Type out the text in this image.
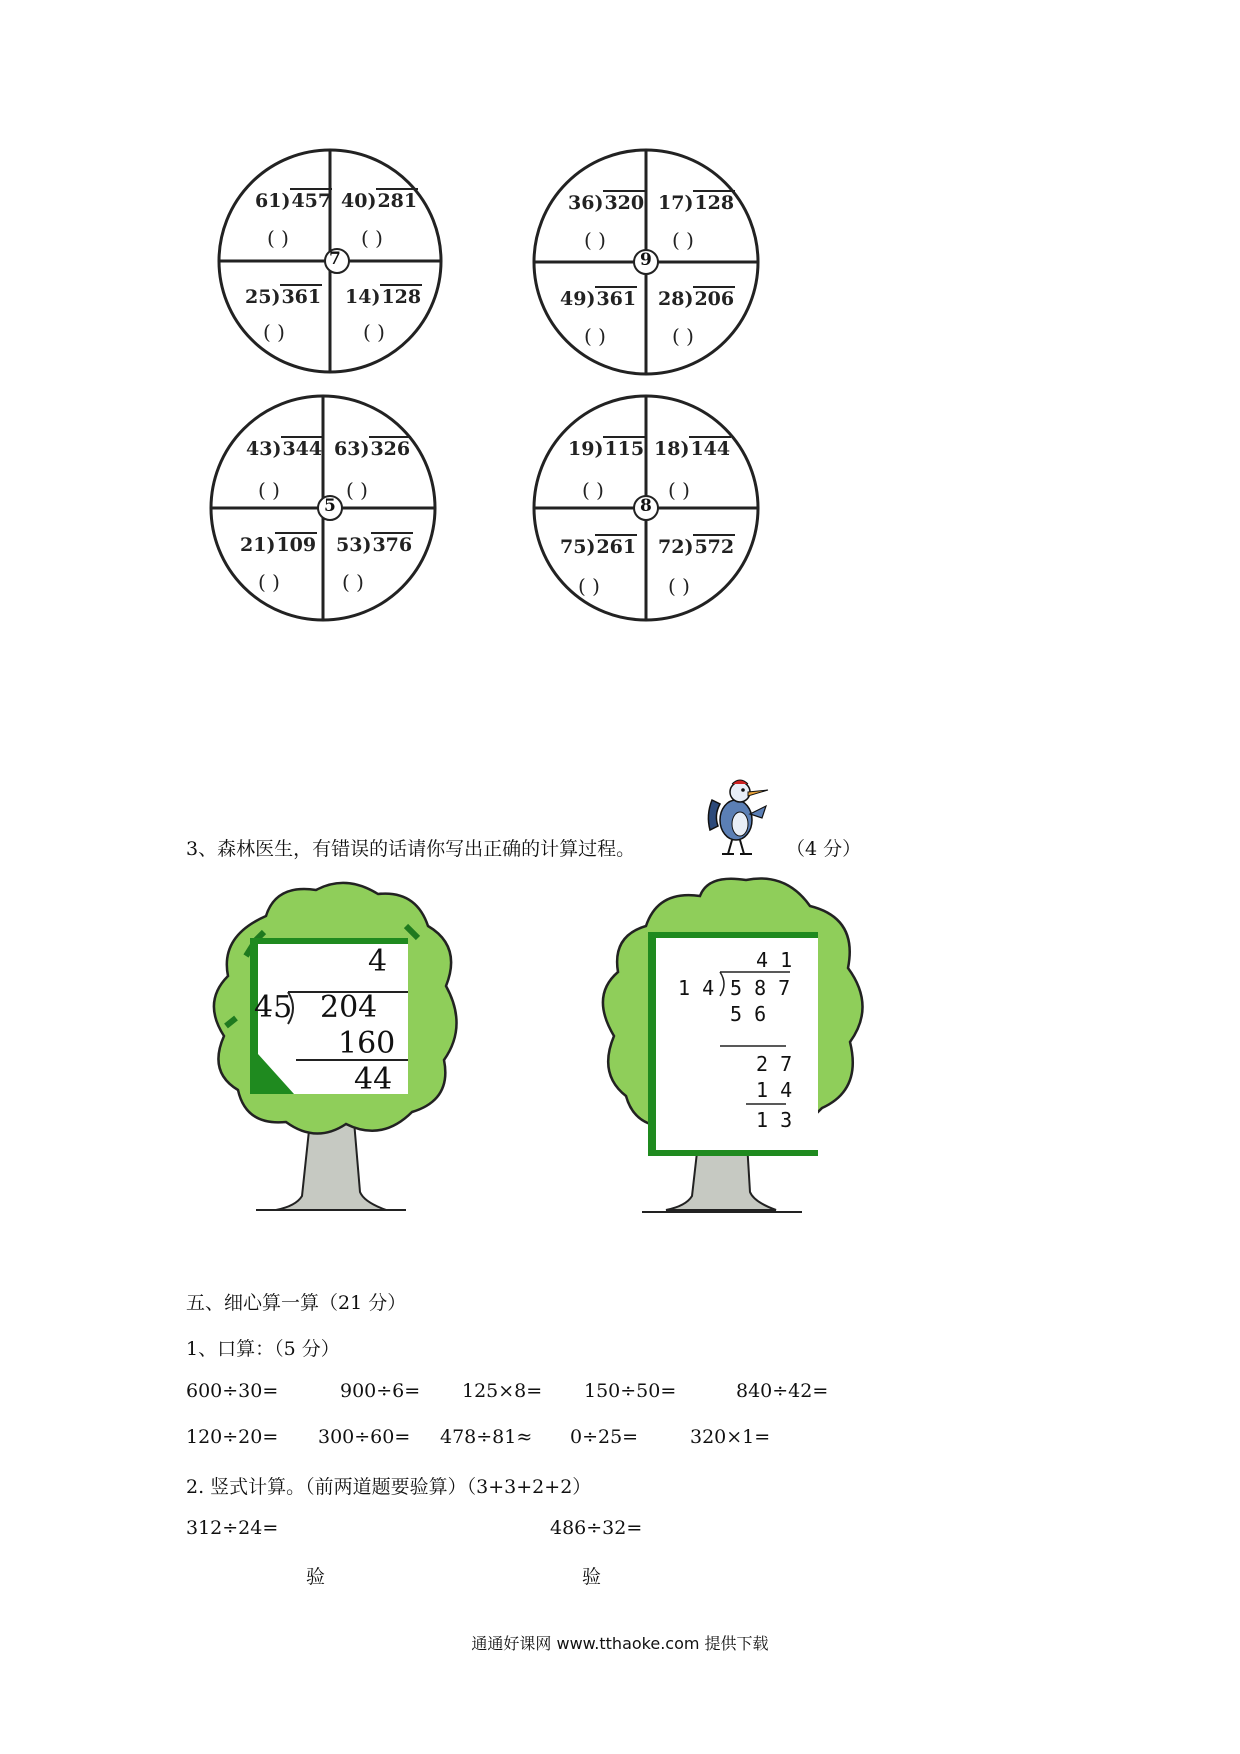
7
61)457 40)281
25)361 14)128
( )	( )
( )	( )
9
36)320 17)128
49)361 28)206
( )	( )
( )	( )
5
43)344 63)326
21)109 53)376
( )	( )
( )	( )
8
19)115 18)144
75)261 72)572
( )	( )
( )	( )
3、森林医生，有错误的话请你写出正确的计算过程。	（4 分）
4
45 204
160
44
4 1
1 4 5 8 7
5 6
2 7
1 4
1 3
五、细心算一算（21 分）
1、口算：（5 分）
600÷30=	900÷6= 125×8= 150÷50=	840÷42=
120÷20= 300÷60= 478÷81≈ 0÷25=	320×1=
2. 竖式计算。（前两道题要验算）（3+3+2+2）
312÷24=	486÷32=
验	验
通通好课网 www.tthaoke.com 提供下载
